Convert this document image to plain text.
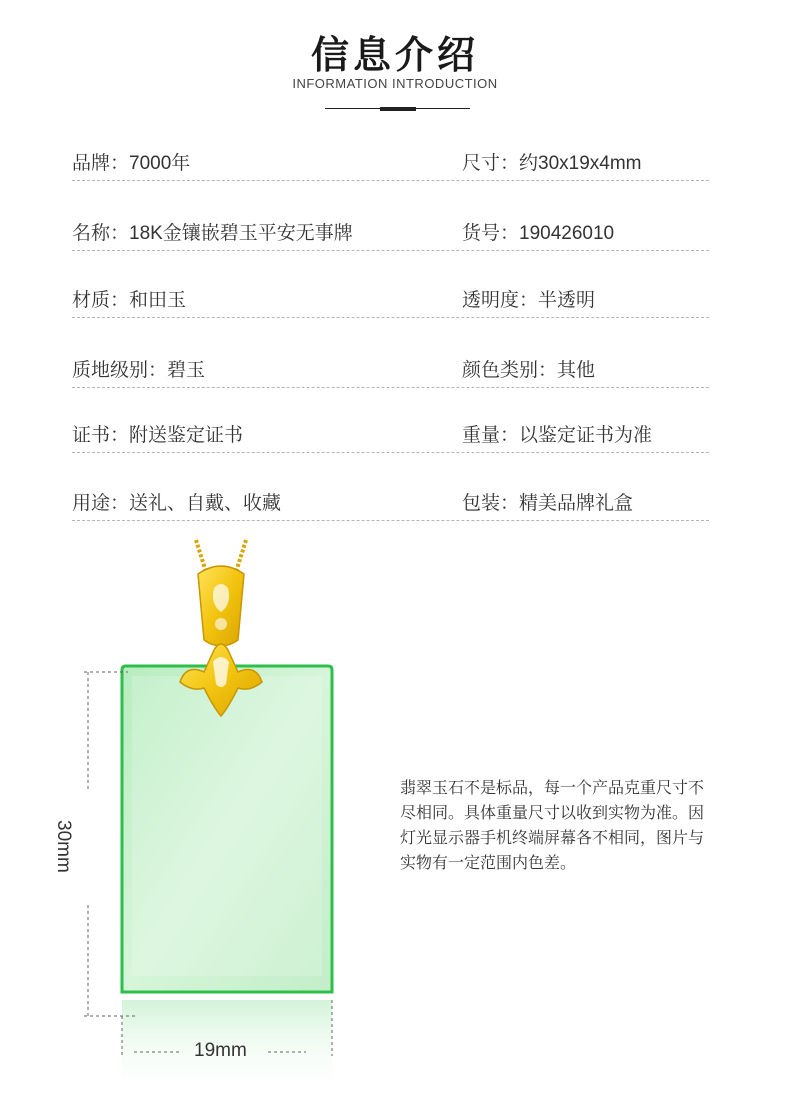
信息介绍
INFORMATION INTRODUCTION
品牌：7000年	尺寸：约30x19x4mm
名称：18K金镶嵌碧玉平安无事牌	货号：190426010
材质：和田玉	透明度：半透明
质地级别：碧玉	颜色类别：其他
证书：附送鉴定证书	重量：以鉴定证书为准
用途：送礼、自戴、收藏	包装：精美品牌礼盒
30mm
19mm
翡翠玉石不是标品，每一个产品克重尺寸不尽相同。具体重量尺寸以收到实物为准。因灯光显示器手机终端屏幕各不相同，图片与实物有一定范围内色差。
